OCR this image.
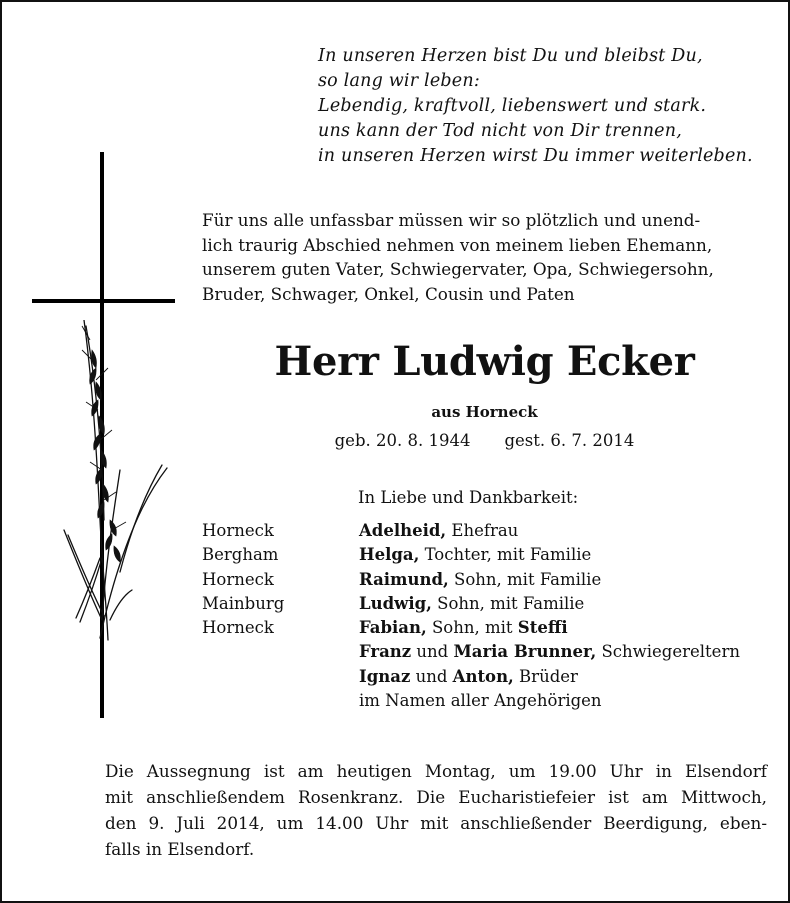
In unseren Herzen bist Du und bleibst Du,
so lang wir leben:
Lebendig, kraftvoll, liebenswert und stark.
uns kann der Tod nicht von Dir trennen,
in unseren Herzen wirst Du immer weiterleben.
Für uns alle unfassbar müssen wir so plötzlich und unend-
lich traurig Abschied nehmen von meinem lieben Ehemann,
unserem guten Vater, Schwiegervater, Opa, Schwiegersohn,
Bruder, Schwager, Onkel, Cousin und Paten
Herr Ludwig Ecker
aus Horneck
geb. 20. 8. 1944 gest. 6. 7. 2014
In Liebe und Dankbarkeit:
Horneck	Adelheid, Ehefrau
Bergham	Helga, Tochter, mit Familie
Horneck	Raimund, Sohn, mit Familie
Mainburg	Ludwig, Sohn, mit Familie
Horneck	Fabian, Sohn, mit Steffi
Franz und Maria Brunner, Schwiegereltern
Ignaz und Anton, Brüder
im Namen aller Angehörigen
Die Aussegnung ist am heutigen Montag, um 19.00 Uhr in Elsendorf
mit anschließendem Rosenkranz. Die Eucharistiefeier ist am Mittwoch,
den 9. Juli 2014, um 14.00 Uhr mit anschließender Beerdigung, eben-
falls in Elsendorf.
